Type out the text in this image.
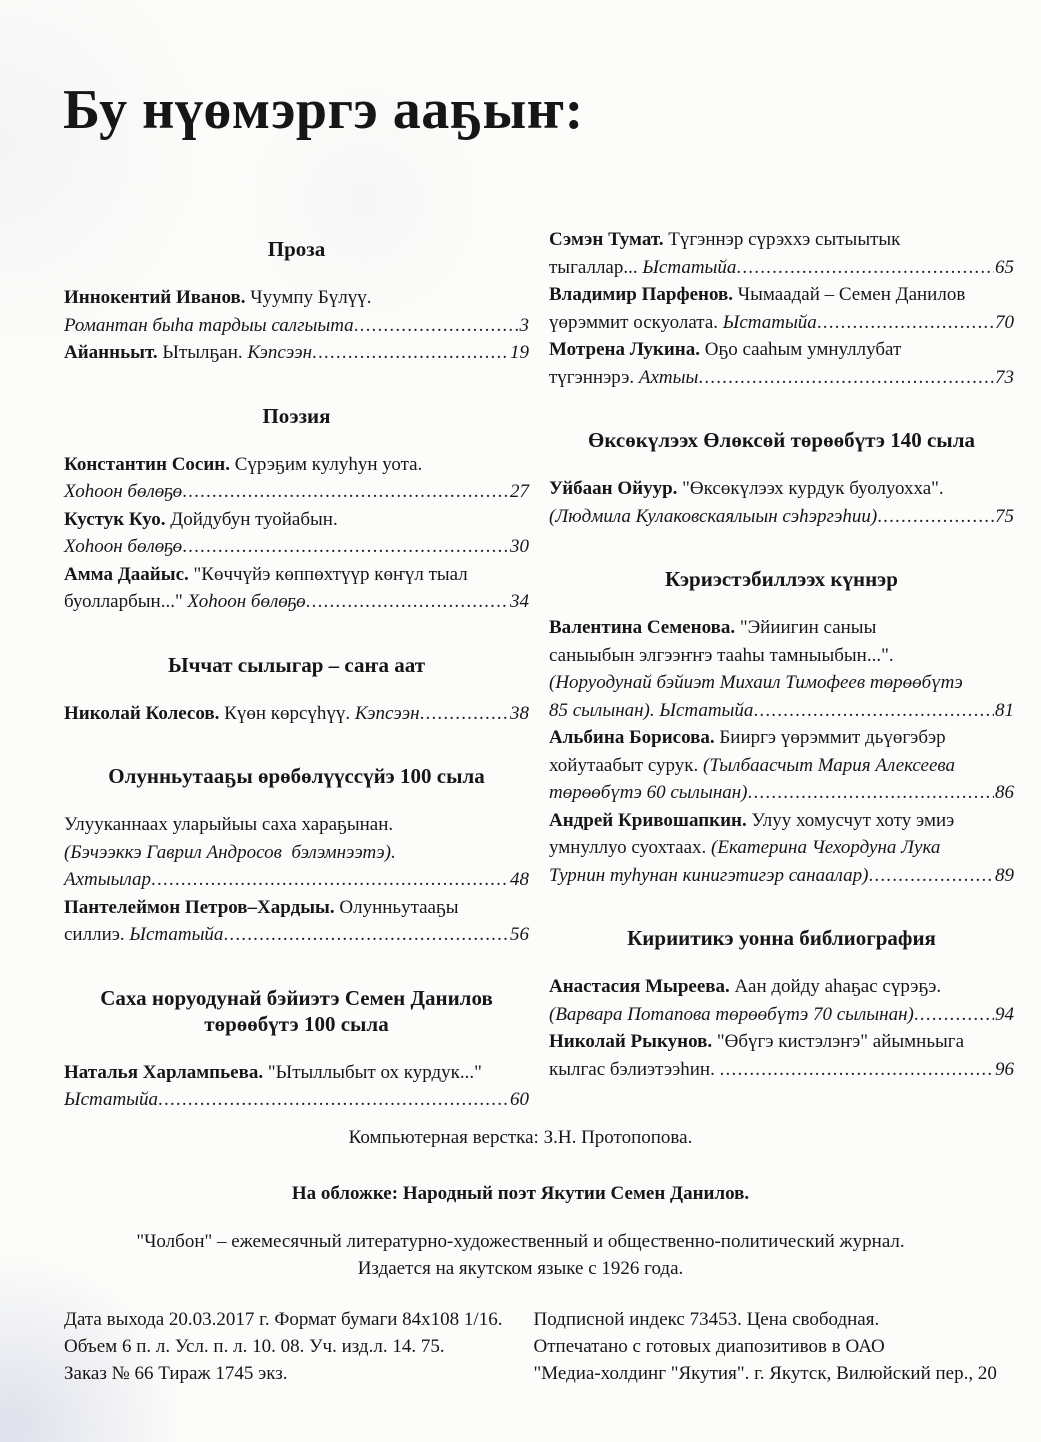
Бу нүөмэргэ ааҕыҥ:
Проза
Иннокентий Иванов. Чуумпу Бүлүү.
Романтан быһа тардыы салгыыта .....	3
Айанньыт. Ытылҕан. Кэпсээн .....	19
Поэзия
Константин Сосин. Сүрэҕим кулуһун уота.
Хоһоон бөлөҕө .....	27
Кустук Куо. Дойдубун туойабын.
Хоһоон бөлөҕө .....	30
Амма Даайыс. "Көччүйэ көппөхтүүр көҥүл тыал
буолларбын..." Хоһоон бөлөҕө .....	34
Ыччат сылыгар – саҥа аат
Николай Колесов. Күөн көрсүһүү. Кэпсээн .....	38
Олунньутааҕы өрөбөлүүссүйэ 100 сыла
Улууканнаах уларыйыы саха хараҕынан.
(Бэчээккэ Гаврил Андросов  бэлэмнээтэ).
Ахтыылар .....	48
Пантелеймон Петров–Хардыы. Олунньутааҕы
силлиэ. Ыстатыйа .....	56
Саха норуодунай бэйиэтэ Семен Данилов төрөөбүтэ 100 сыла
Наталья Харлампьева. "Ытыллыбыт ох курдук..."
Ыстатыйа .....	60
Сэмэн Тумат. Түгэннэр сүрэххэ сытыытык
тыгаллар... Ыстатыйа .....	65
Владимир Парфенов. Чымаадай – Семен Данилов
үөрэммит оскуолата. Ыстатыйа .....	70
Мотрена Лукина. Оҕо сааһым умнуллубат
түгэннэрэ. Ахтыы .....	73
Өксөкүлээх Өлөксөй төрөөбүтэ 140 сыла
Уйбаан Ойуур. "Өксөкүлээх курдук буолуохха".
(Людмила Кулаковскаялыын сэһэргэһии) .....	75
Кэриэстэбиллээх күннэр
Валентина Семенова. "Эйиигин саныы
саныыбын элгээҥҥэ тааһы тамныыбын...".
(Норуодунай бэйиэт Михаил Тимофеев төрөөбүтэ
85 сылынан). Ыстатыйа .....	81
Альбина Борисова. Бииргэ үөрэммит дьүөгэбэр
хойутаабыт сурук. (Тылбаасчыт Мария Алексеева
төрөөбүтэ 60 сылынан) .....	86
Андрей Кривошапкин. Улуу хомусчут хоту эмиэ
умнуллуо суохтаах. (Екатерина Чехордуна Лука
Турнин туһунан кинигэтигэр санаалар) .....	89
Кириитикэ уонна библиография
Анастасия Мыреева. Аан дойду аһаҕас сүрэҕэ.
(Варвара Потапова төрөөбүтэ 70 сылынан) .....	94
Николай Рыкунов. "Өбүгэ кистэлэҥэ" айымньыга
кылгас бэлиэтээһин. .....	96
Компьютерная верстка: З.Н. Протопопова.
На обложке: Народный поэт Якутии Семен Данилов.
"Чолбон" – ежемесячный литературно-художественный и общественно-политический журнал.
Издается на якутском языке с 1926 года.
Дата выхода 20.03.2017 г. Формат бумаги 84x108 1/16.
Объем 6 п. л. Усл. п. л. 10. 08. Уч. изд.л. 14. 75.
Заказ № 66 Тираж 1745 экз.
Подписной индекс 73453. Цена свободная.
Отпечатано с готовых диапозитивов в ОАО
"Медиа-холдинг "Якутия". г. Якутск, Вилюйский пер., 20
